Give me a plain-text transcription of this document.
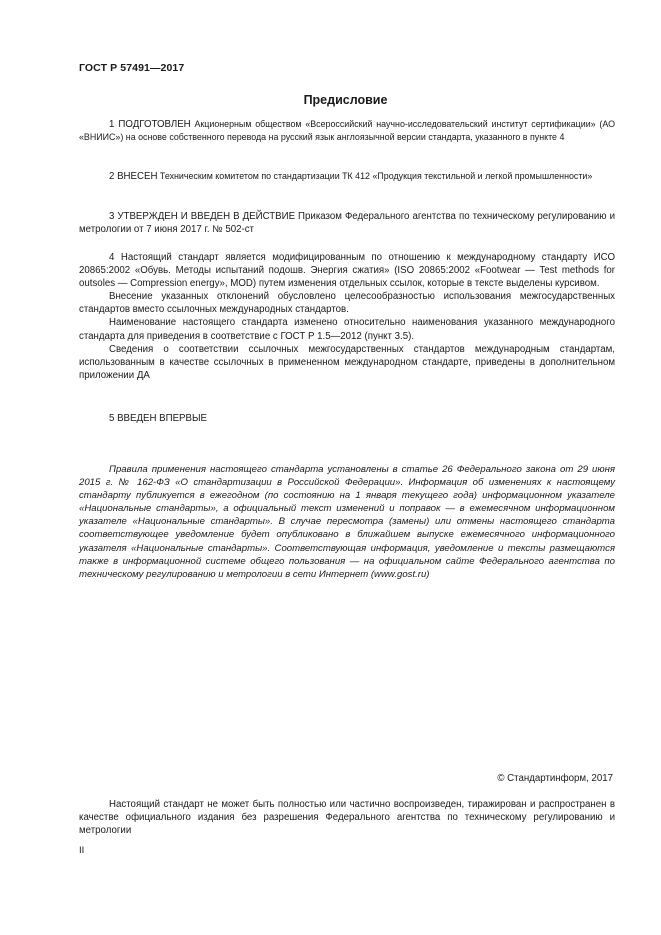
ГОСТ Р 57491—2017
Предисловие

1 ПОДГОТОВЛЕН Акционерным обществом «Всероссийский научно-исследовательский институт сертификации» (АО «ВНИИС») на основе собственного перевода на русский язык англоязычной версии стандарта, указанного в пункте 4

2 ВНЕСЕН Техническим комитетом по стандартизации ТК 412 «Продукция текстильной и легкой промышленности»

3 УТВЕРЖДЕН И ВВЕДЕН В ДЕЙСТВИЕ Приказом Федерального агентства по техническому регулированию и метрологии от 7 июня 2017 г. № 502-ст

4 Настоящий стандарт является модифицированным по отношению к международному стандарту ИСО 20865:2002 «Обувь. Методы испытаний подошв. Энергия сжатия» (ISO 20865:2002 «Footwear — Test methods for outsoles — Compression energy», MOD) путем изменения отдельных ссылок, которые в тексте выделены курсивом.

Внесение указанных отклонений обусловлено целесообразностью использования межгосударственных стандартов вместо ссылочных международных стандартов.

Наименование настоящего стандарта изменено относительно наименования указанного международного стандарта для приведения в соответствие с ГОСТ Р 1.5—2012 (пункт 3.5).

Сведения о соответствии ссылочных межгосударственных стандартов международным стандартам, использованным в качестве ссылочных в примененном международном стандарте, приведены в дополнительном приложении ДА

5 ВВЕДЕН ВПЕРВЫЕ

Правила применения настоящего стандарта установлены в статье 26 Федерального закона от 29 июня 2015 г. № 162-ФЗ «О стандартизации в Российской Федерации». Информация об изменениях к настоящему стандарту публикуется в ежегодном (по состоянию на 1 января текущего года) информационном указателе «Национальные стандарты», а официальный текст изменений и поправок — в ежемесячном информационном указателе «Национальные стандарты». В случае пересмотра (замены) или отмены настоящего стандарта соответствующее уведомление будет опубликовано в ближайшем выпуске ежемесячного информационного указателя «Национальные стандарты». Соответствующая информация, уведомление и тексты размещаются также в информационной системе общего пользования — на официальном сайте Федерального агентства по техническому регулированию и метрологии в сети Интернет (www.gost.ru)
© Стандартинформ, 2017
Настоящий стандарт не может быть полностью или частично воспроизведен, тиражирован и распространен в качестве официального издания без разрешения Федерального агентства по техническому регулированию и метрологии
II
